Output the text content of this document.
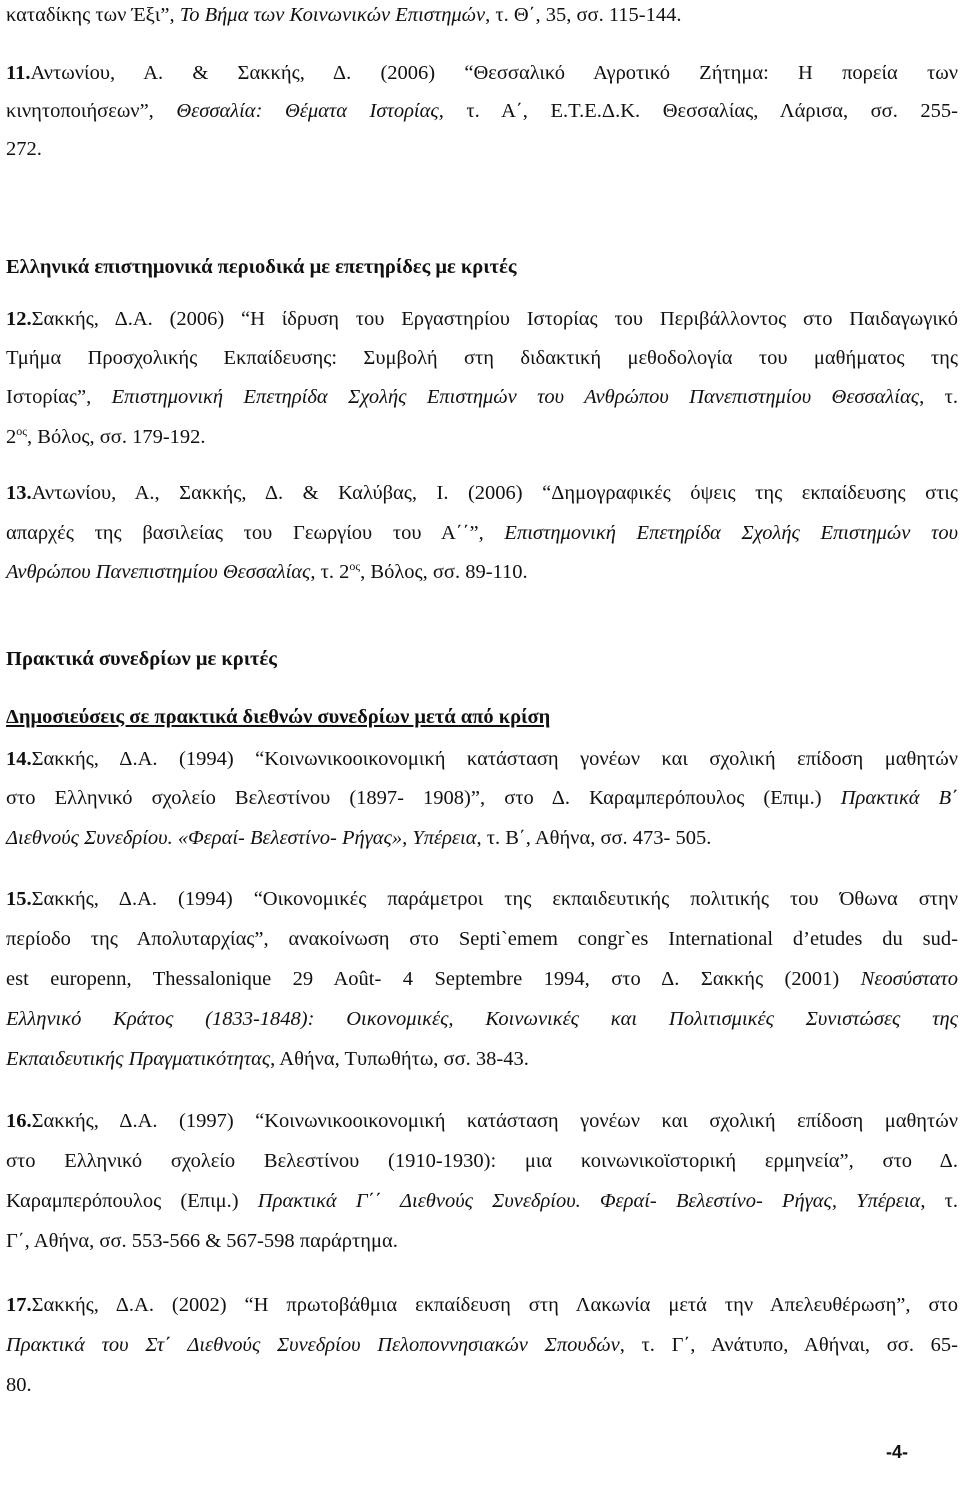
καταδίκης των Έξι”, Το Βήμα των Κοινωνικών Επιστημών, τ. Θ΄, 35, σσ. 115-144.
11.Αντωνίου, Α. & Σακκής, Δ. (2006) “Θεσσαλικό Αγροτικό Ζήτημα: Η πορεία των
κινητοποιήσεων”, Θεσσαλία: Θέματα Ιστορίας, τ. Α΄, Ε.Τ.Ε.Δ.Κ. Θεσσαλίας, Λάρισα, σσ. 255-
272.
Ελληνικά επιστημονικά περιοδικά με επετηρίδες με κριτές
12.Σακκής, Δ.Α. (2006) “Η ίδρυση του Εργαστηρίου Ιστορίας του Περιβάλλοντος στο Παιδαγωγικό
Τμήμα Προσχολικής Εκπαίδευσης: Συμβολή στη διδακτική μεθοδολογία του μαθήματος της
Ιστορίας”, Επιστημονική Επετηρίδα Σχολής Επιστημών του Ανθρώπου Πανεπιστημίου Θεσσαλίας, τ.
$2^{o\varsigma}$, Βόλος, σσ. 179-192.
13.Αντωνίου, Α., Σακκής, Δ. & Καλύβας, Ι. (2006) “Δημογραφικές όψεις της εκπαίδευσης στις
απαρχές της βασιλείας του Γεωργίου του Α΄΄”, Επιστημονική Επετηρίδα Σχολής Επιστημών του
Ανθρώπου Πανεπιστημίου Θεσσαλίας, τ. $2^{o\varsigma}$, Βόλος, σσ. 89-110.
Πρακτικά συνεδρίων με κριτές
Δημοσιεύσεις σε πρακτικά διεθνών συνεδρίων μετά από κρίση
14.Σακκής, Δ.Α. (1994) “Κοινωνικοοικονομική κατάσταση γονέων και σχολική επίδοση μαθητών
στο Ελληνικό σχολείο Βελεστίνου (1897- 1908)”, στο Δ. Καραμπερόπουλος (Επιμ.) Πρακτικά Β΄
Διεθνούς Συνεδρίου. «Φεραί- Βελεστίνο- Ρήγας», Υπέρεια, τ. Β΄, Αθήνα, σσ. 473- 505.
15.Σακκής, Δ.Α. (1994) “Οικονομικές παράμετροι της εκπαιδευτικής πολιτικής του Όθωνα στην
περίοδο της Απολυταρχίας”, ανακοίνωση στο Septi`emem congr`es International d’etudes du sud-
est europenn, Thessalonique 29 Août- 4 Septembre 1994, στο Δ. Σακκής (2001) Νεοσύστατο
Ελληνικό Κράτος (1833-1848): Οικονομικές, Κοινωνικές και Πολιτισμικές Συνιστώσες της
Εκπαιδευτικής Πραγματικότητας, Αθήνα, Τυπωθήτω, σσ. 38-43.
16.Σακκής, Δ.Α. (1997) “Κοινωνικοοικονομική κατάσταση γονέων και σχολική επίδοση μαθητών
στο Ελληνικό σχολείο Βελεστίνου (1910-1930): μια κοινωνικοϊστορική ερμηνεία”, στο Δ.
Καραμπερόπουλος (Επιμ.) Πρακτικά Γ΄΄ Διεθνούς Συνεδρίου. Φεραί- Βελεστίνο- Ρήγας, Υπέρεια, τ.
Γ΄, Αθήνα, σσ. 553-566 & 567-598 παράρτημα.
17.Σακκής, Δ.Α. (2002) “Η πρωτοβάθμια εκπαίδευση στη Λακωνία μετά την Απελευθέρωση”, στο
Πρακτικά του Στ΄ Διεθνούς Συνεδρίου Πελοποννησιακών Σπουδών, τ. Γ΄, Ανάτυπο, Αθήναι, σσ. 65-
80.
-4-
